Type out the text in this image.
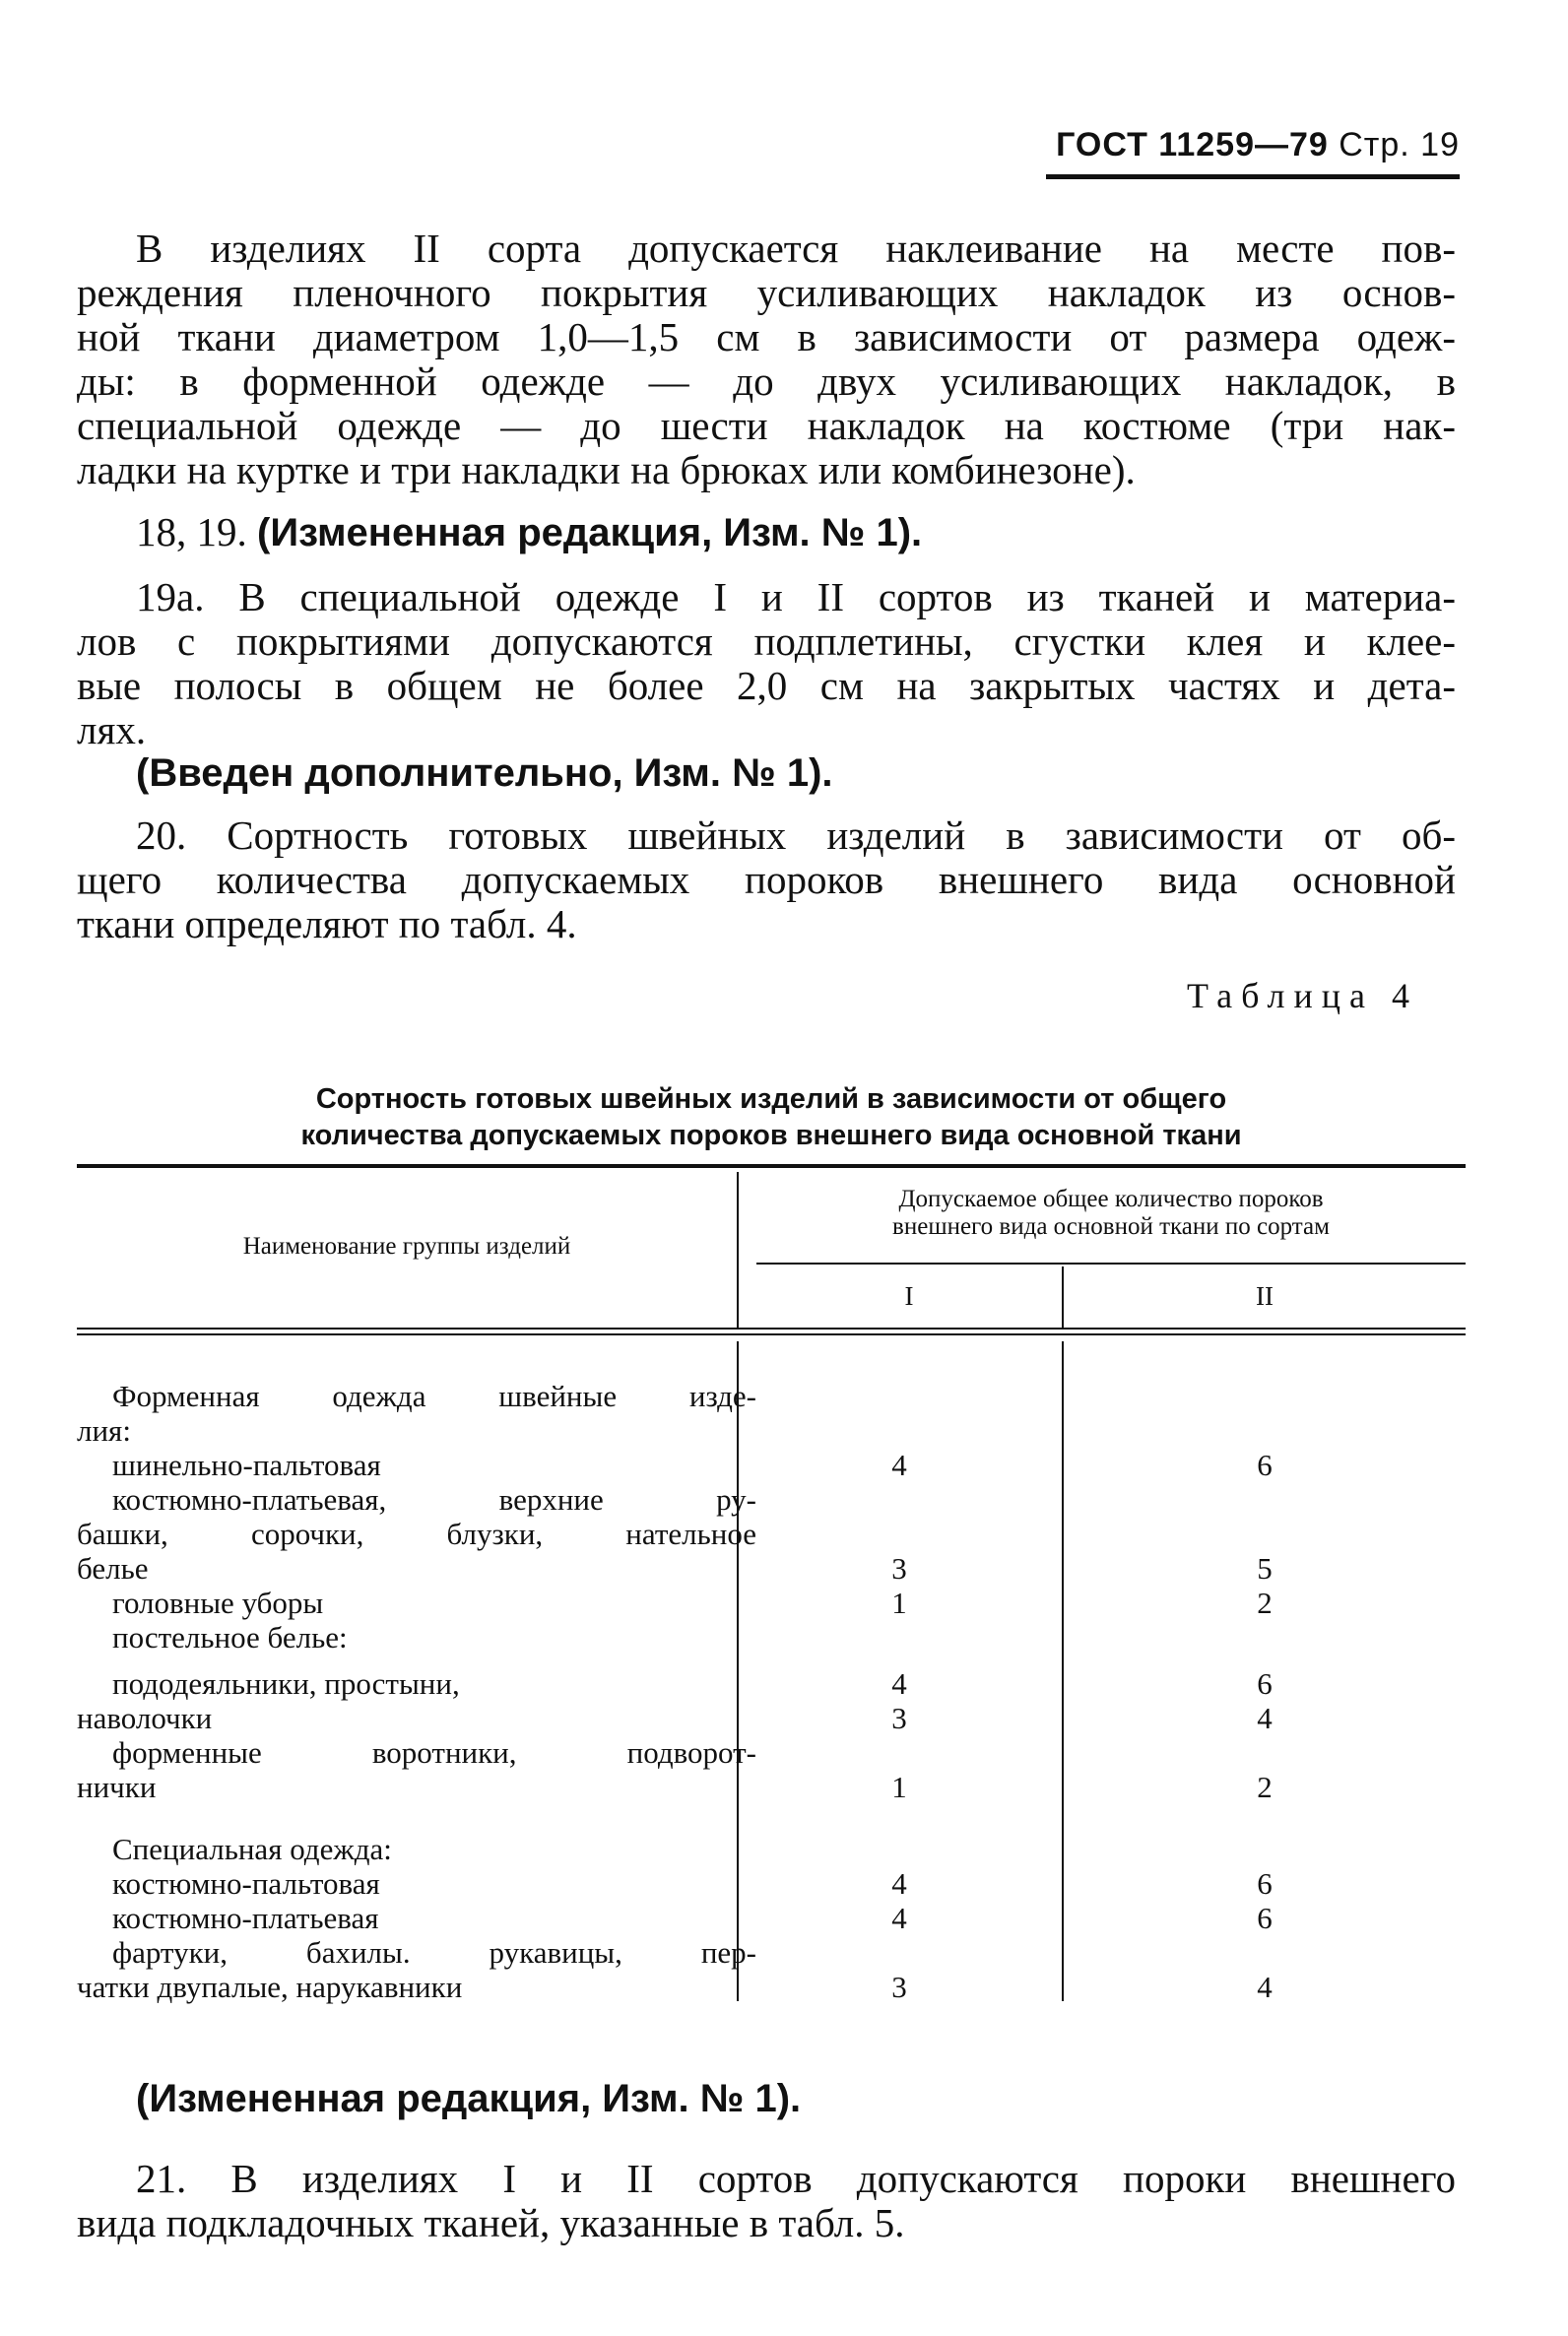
ГОСТ 11259—79 Стр. 19
В изделиях II сорта допускается наклеивание на месте пов-
реждения пленочного покрытия усиливающих накладок из основ-
ной ткани диаметром 1,0—1,5 см в зависимости от размера одеж-
ды: в форменной одежде — до двух усиливающих накладок, в
специальной одежде — до шести накладок на костюме (три нак-
ладки на куртке и три накладки на брюках или комбинезоне).
18, 19. (Измененная редакция, Изм. № 1).
19а. В специальной одежде I и II сортов из тканей и материа-
лов с покрытиями допускаются подплетины, сгустки клея и клее-
вые полосы в общем не более 2,0 см на закрытых частях и дета-
лях.
(Введен дополнительно, Изм. № 1).
20. Сортность готовых швейных изделий в зависимости от об-
щего количества допускаемых пороков внешнего вида основной
ткани определяют по табл. 4.
Таблица 4
Сортность готовых швейных изделий в зависимости от общего
количества допускаемых пороков внешнего вида основной ткани
Наименование группы изделий
Допускаемое общее количество пороков
внешнего вида основной ткани по сортам
I	II
Форменная одежда швейные изде-
лия:
шинельно-пальтовая	4	6
костюмно-платьевая, верхние ру-
башки, сорочки, блузки, нательное
белье	3	5
головные уборы	1	2
постельное белье:
пододеяльники, простыни,	4	6
наволочки	3	4
форменные воротники, подворот-
нички	1	2
Специальная одежда:
костюмно-пальтовая	4	6
костюмно-платьевая	4	6
фартуки, бахилы. рукавицы, пер-
чатки двупалые, нарукавники	3	4
(Измененная редакция, Изм. № 1).
21. В изделиях I и II сортов допускаются пороки внешнего
вида подкладочных тканей, указанные в табл. 5.
